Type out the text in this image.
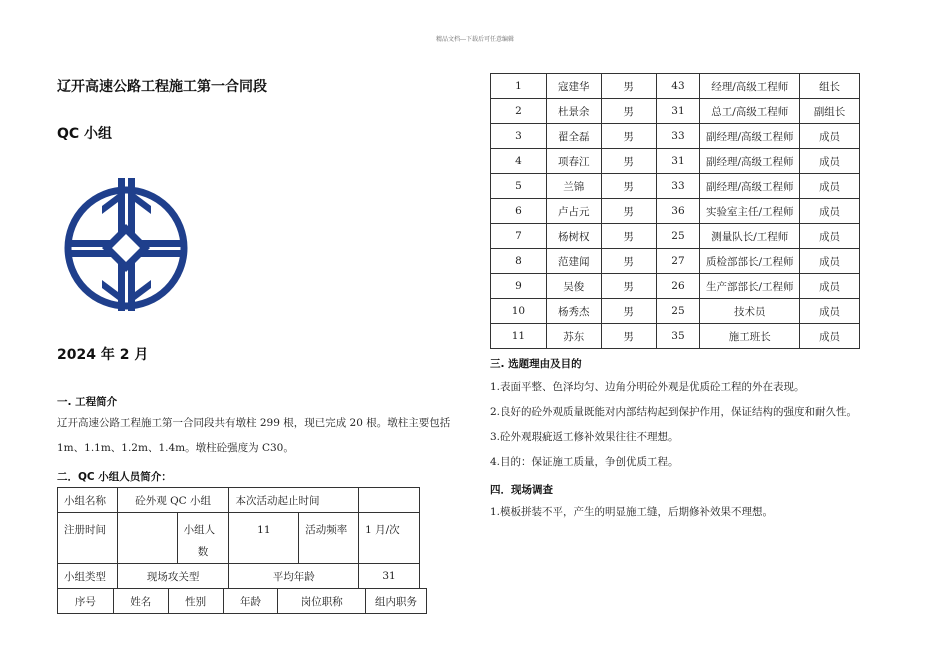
精品文档---下载后可任意编辑
辽开高速公路工程施工第一合同段
QC 小组
2024 年 2 月
一. 工程简介
辽开高速公路工程施工第一合同段共有墩柱 299 根，现已完成 20 根。墩柱主要包括
1m、1.1m、1.2m、1.4m。墩柱砼强度为 C30。
二．QC 小组人员简介：
小组名称	砼外观 QC 小组		本次活动起止时间		
注册时间		小组人
数	11	活动频率	1 月/次
小组类型	现场攻关型		平均年龄		31
序号	姓名	性别	年龄	岗位职称	组内职务
1	寇建华	男	43	经理/高级工程师	组长
2	杜景余	男	31	总工/高级工程师	副组长
3	翟全磊	男	33	副经理/高级工程师	成员
4	项春江	男	31	副经理/高级工程师	成员
5	兰锦	男	33	副经理/高级工程师	成员
6	卢占元	男	36	实验室主任/工程师	成员
7	杨树权	男	25	测量队长/工程师	成员
8	范建闻	男	27	质检部部长/工程师	成员
9	吴俊	男	26	生产部部长/工程师	成员
10	杨秀杰	男	25	技术员	成员
11	苏东	男	35	施工班长	成员
三. 选题理由及目的
1.表面平整、色泽均匀、边角分明砼外观是优质砼工程的外在表现。
2.良好的砼外观质量既能对内部结构起到保护作用，保证结构的强度和耐久性。
3.砼外观瑕疵返工修补效果往往不理想。
4.目的：保证施工质量，争创优质工程。
四．现场调查
1.模板拼装不平，产生的明显施工缝，后期修补效果不理想。
